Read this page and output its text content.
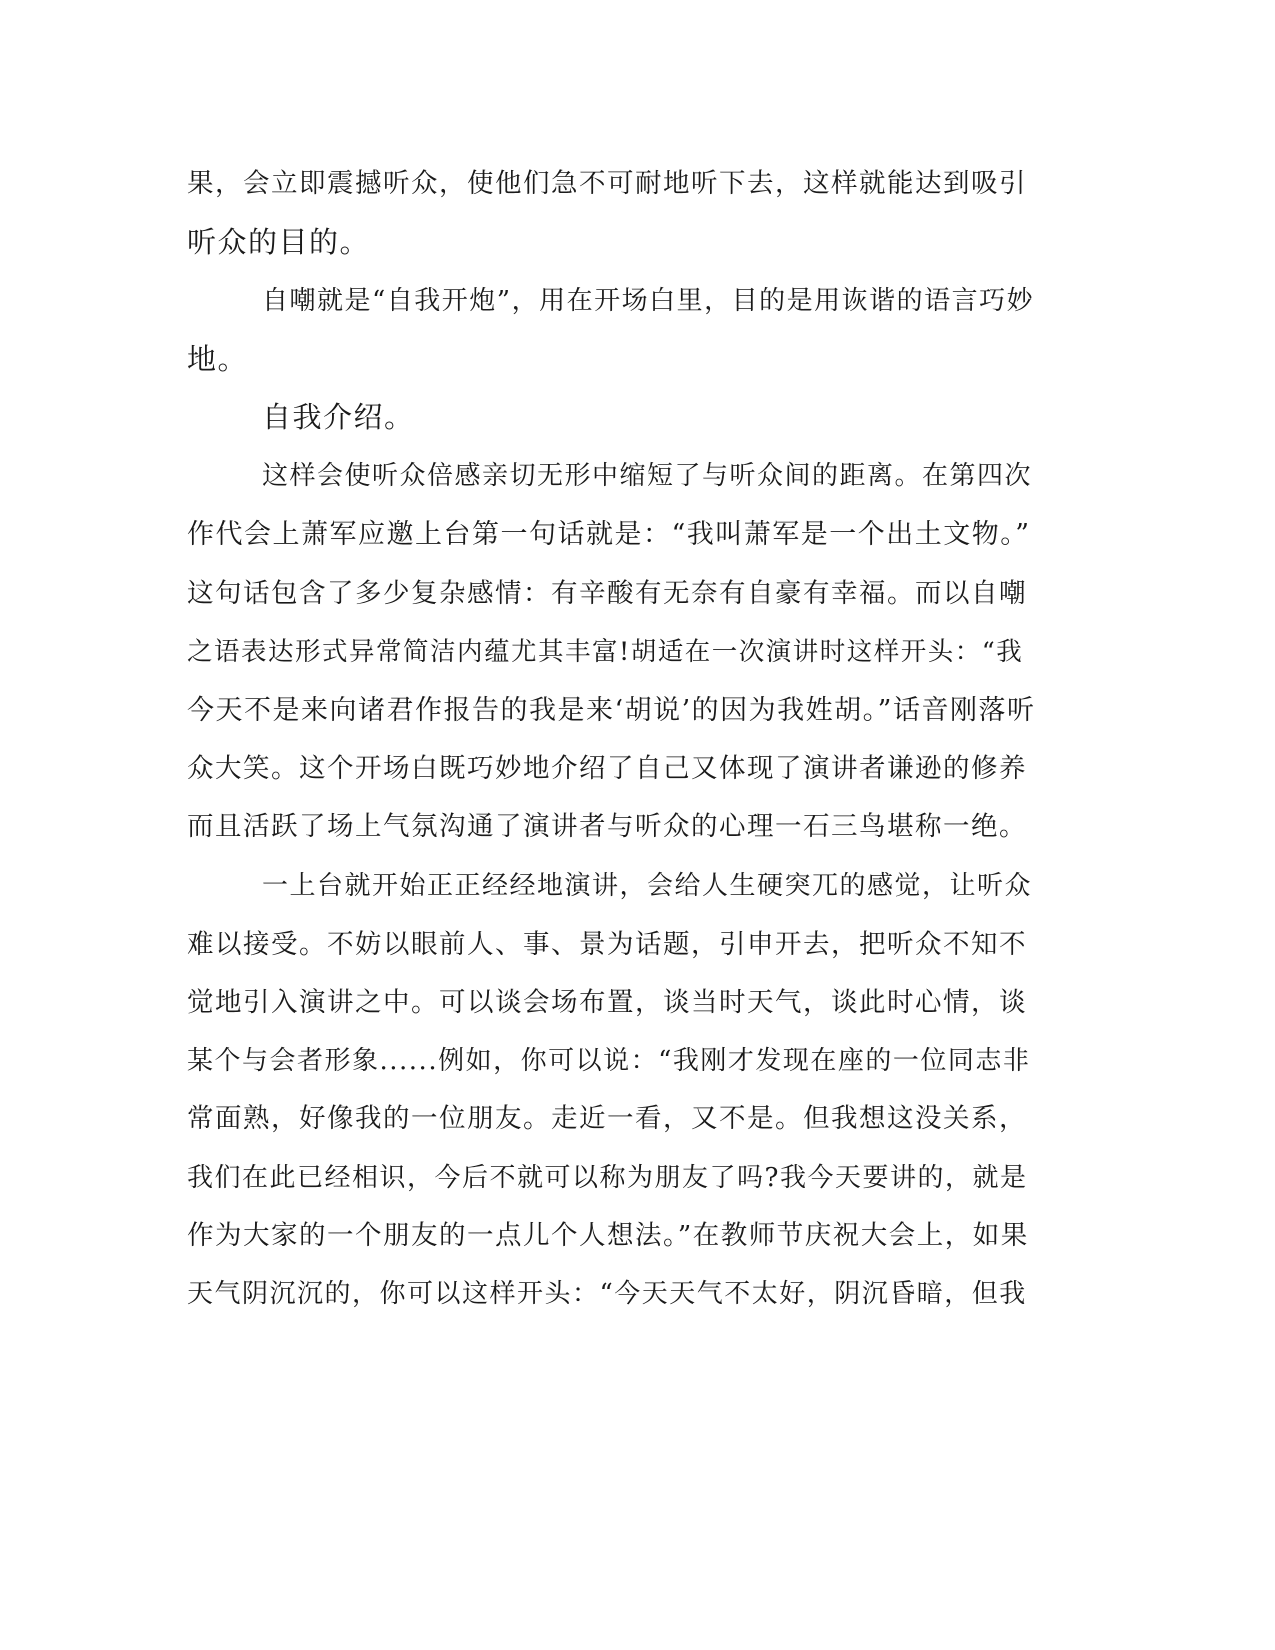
果，会立即震撼听众，使他们急不可耐地听下去，这样就能达到吸引
听众的目的。
自嘲就是“自我开炮”，用在开场白里，目的是用诙谐的语言巧妙
地。
自我介绍。
这样会使听众倍感亲切无形中缩短了与听众间的距离。在第四次
作代会上萧军应邀上台第一句话就是：“我叫萧军是一个出土文物。”
这句话包含了多少复杂感情：有辛酸有无奈有自豪有幸福。而以自嘲
之语表达形式异常简洁内蕴尤其丰富!胡适在一次演讲时这样开头：“我
今天不是来向诸君作报告的我是来‘胡说’的因为我姓胡。”话音刚落听
众大笑。这个开场白既巧妙地介绍了自己又体现了演讲者谦逊的修养
而且活跃了场上气氛沟通了演讲者与听众的心理一石三鸟堪称一绝。
一上台就开始正正经经地演讲，会给人生硬突兀的感觉，让听众
难以接受。不妨以眼前人、事、景为话题，引申开去，把听众不知不
觉地引入演讲之中。可以谈会场布置，谈当时天气，谈此时心情，谈
某个与会者形象......例如，你可以说：“我刚才发现在座的一位同志非
常面熟，好像我的一位朋友。走近一看，又不是。但我想这没关系，
我们在此已经相识，今后不就可以称为朋友了吗?我今天要讲的，就是
作为大家的一个朋友的一点儿个人想法。”在教师节庆祝大会上，如果
天气阴沉沉的，你可以这样开头：“今天天气不太好，阴沉昏暗，但我
